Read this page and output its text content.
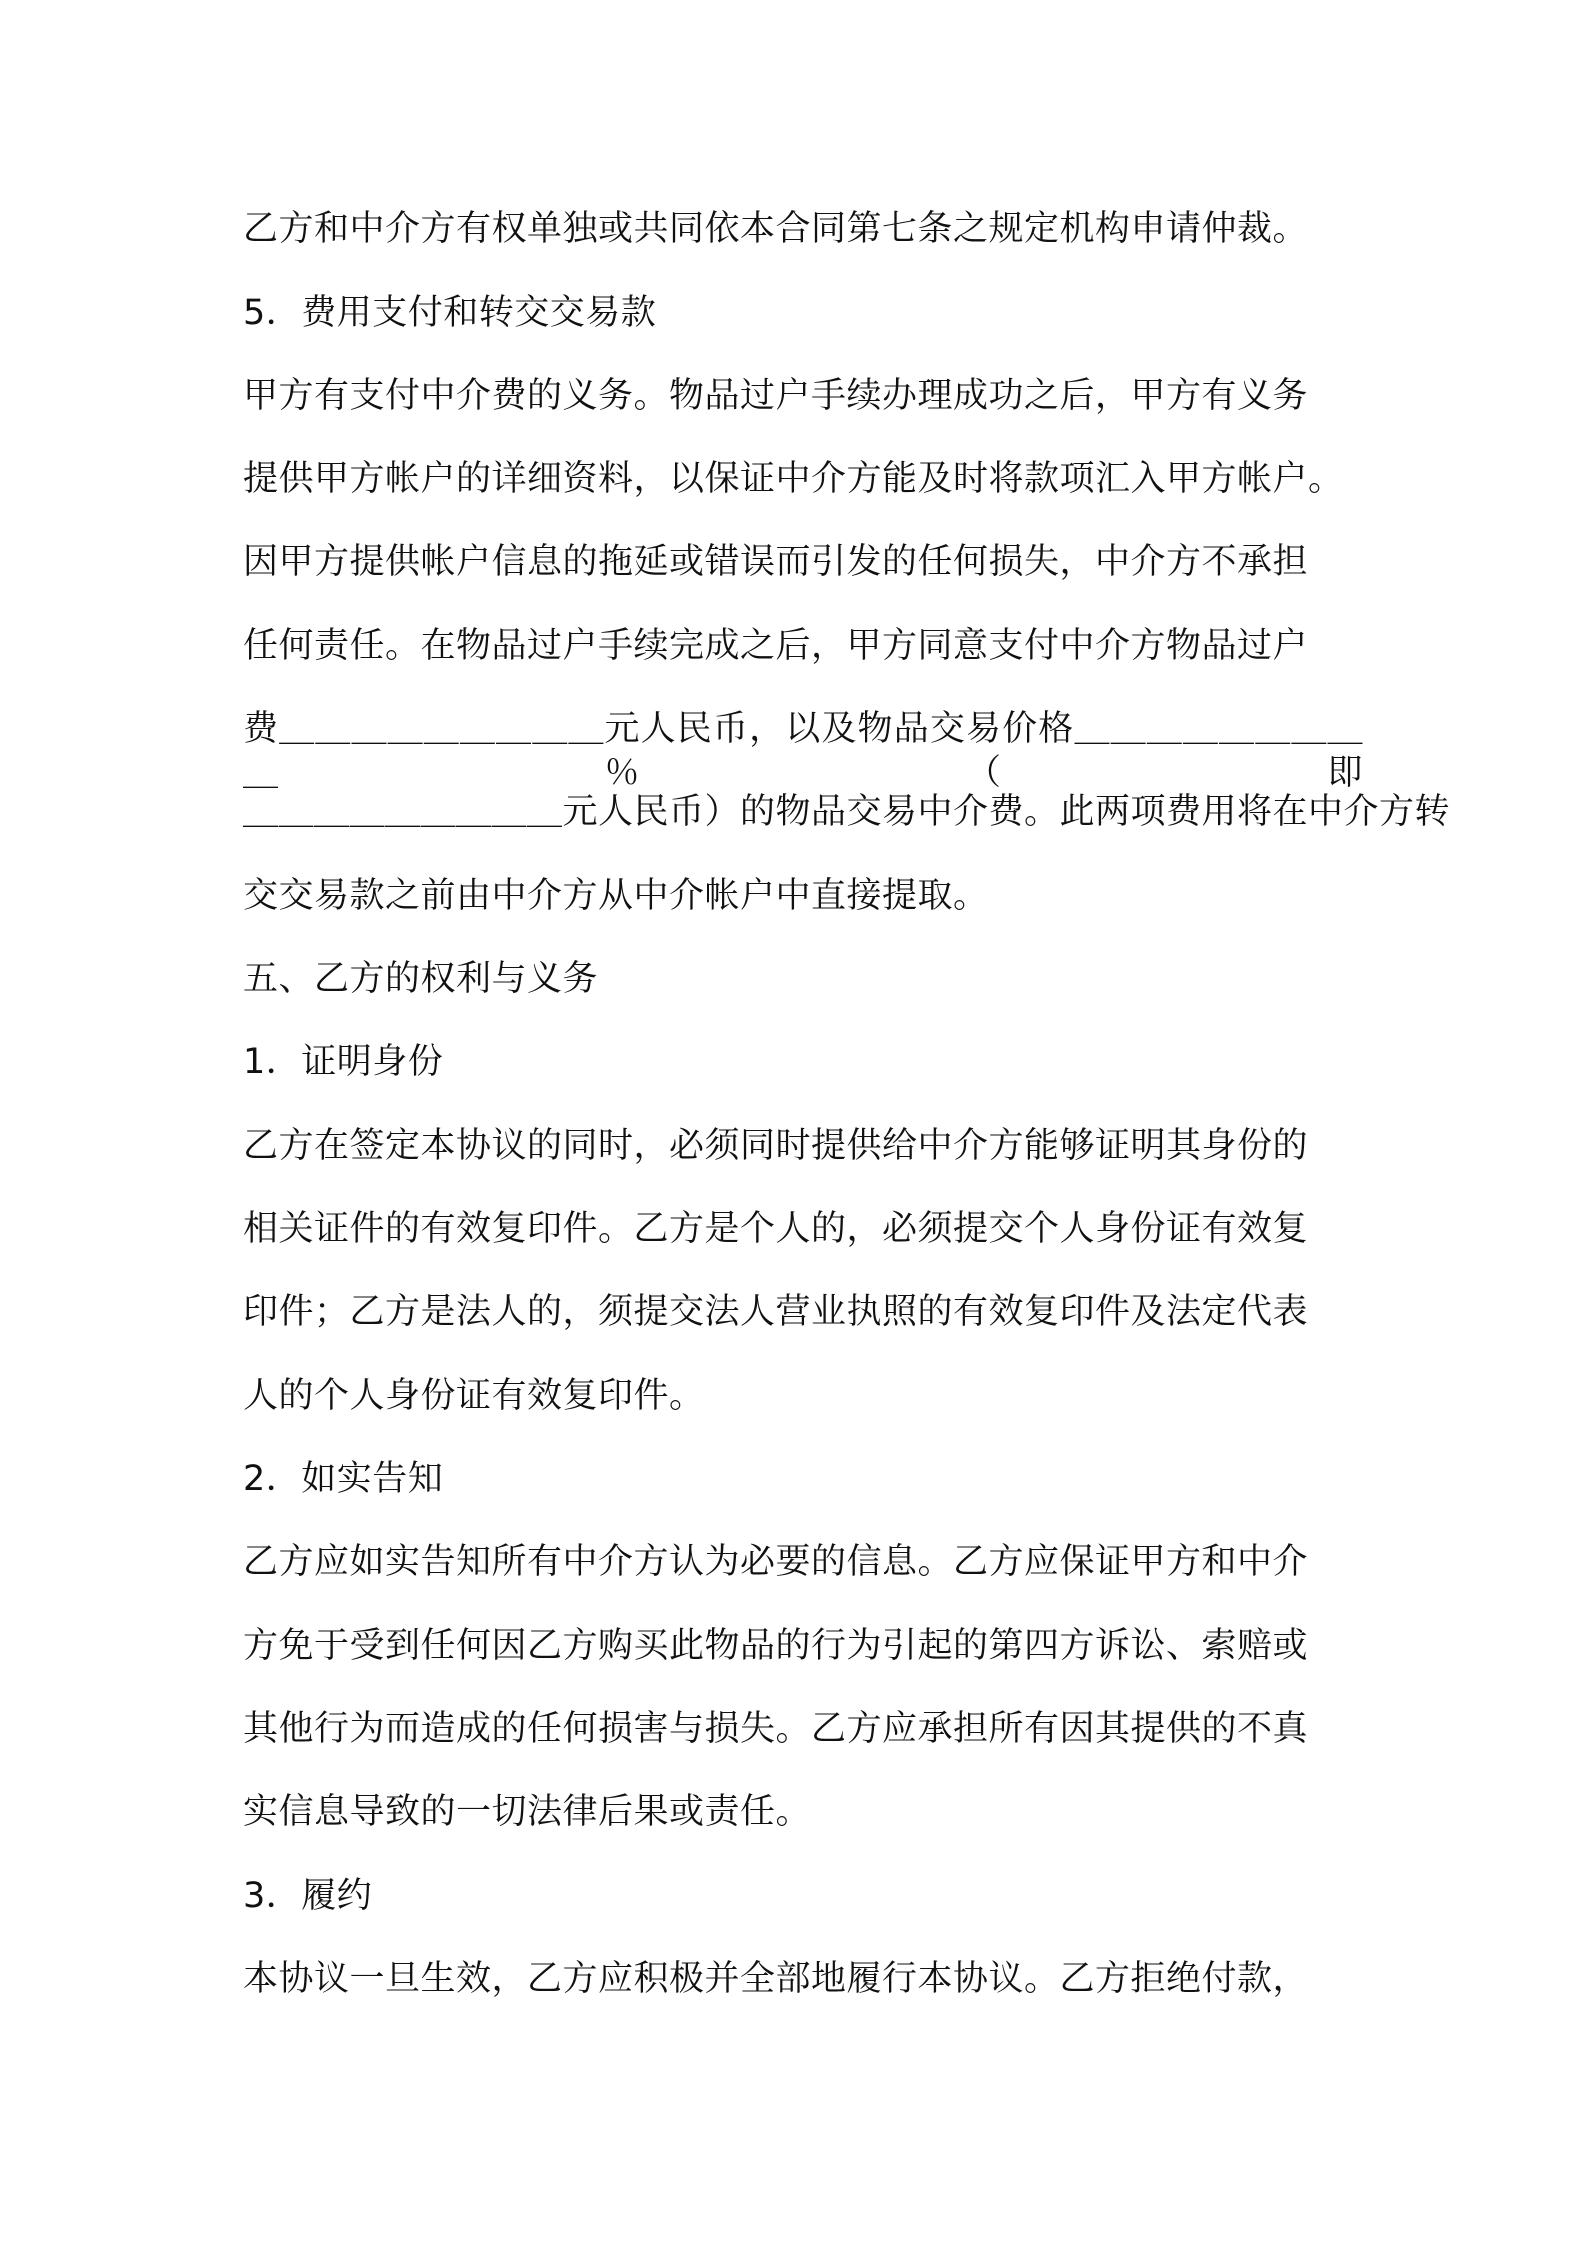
乙方和中介方有权单独或共同依本合同第七条之规定机构申请仲裁。
5．费用支付和转交交易款
甲方有支付中介费的义务。物品过户手续办理成功之后，甲方有义务
提供甲方帐户的详细资料，以保证中介方能及时将款项汇入甲方帐户。
因甲方提供帐户信息的拖延或错误而引发的任何损失，中介方不承担
任何责任。在物品过户手续完成之后，甲方同意支付中介方物品过户
费＿＿＿＿＿＿＿＿＿元人民币，以及物品交易价格＿＿＿＿＿＿＿＿＿％（即
＿＿＿＿＿＿＿＿＿元人民币）的物品交易中介费。此两项费用将在中介方转
交交易款之前由中介方从中介帐户中直接提取。
五、乙方的权利与义务
1．证明身份
乙方在签定本协议的同时，必须同时提供给中介方能够证明其身份的
相关证件的有效复印件。乙方是个人的，必须提交个人身份证有效复
印件；乙方是法人的，须提交法人营业执照的有效复印件及法定代表
人的个人身份证有效复印件。
2．如实告知
乙方应如实告知所有中介方认为必要的信息。乙方应保证甲方和中介
方免于受到任何因乙方购买此物品的行为引起的第四方诉讼、索赔或
其他行为而造成的任何损害与损失。乙方应承担所有因其提供的不真
实信息导致的一切法律后果或责任。
3．履约
本协议一旦生效，乙方应积极并全部地履行本协议。乙方拒绝付款，
